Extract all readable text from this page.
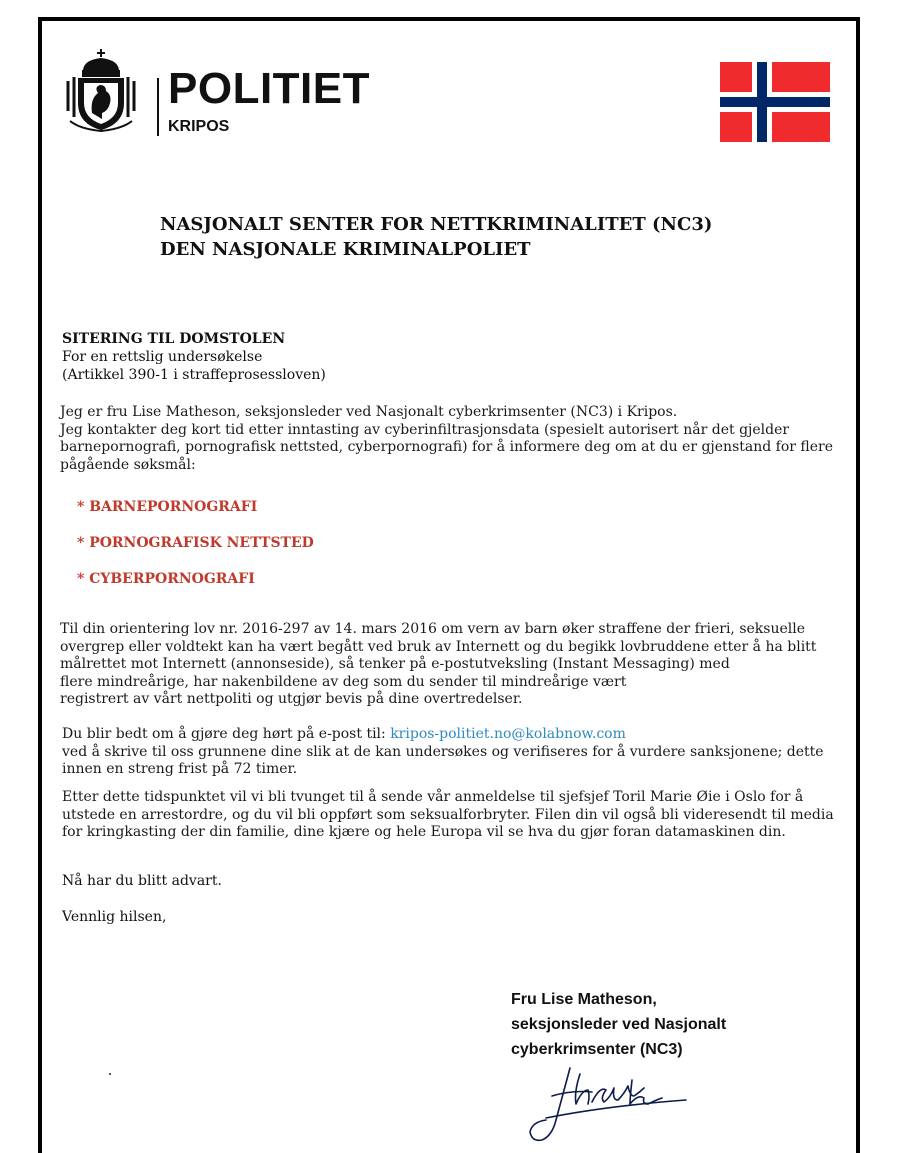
POLITIET
KRIPOS
NASJONALT SENTER FOR NETTKRIMINALITET (NC3)
DEN NASJONALE KRIMINALPOLIET
SITERING TIL DOMSTOLEN
For en rettslig undersøkelse
(Artikkel 390-1 i straffeprosessloven)
Jeg er fru Lise Matheson, seksjonsleder ved Nasjonalt cyberkrimsenter (NC3) i Kripos.
Jeg kontakter deg kort tid etter inntasting av cyberinfiltrasjonsdata (spesielt autorisert når det gjelder
barnepornografi, pornografisk nettsted, cyberpornografi) for å informere deg om at du er gjenstand for flere
pågående søksmål:
* BARNEPORNOGRAFI
* PORNOGRAFISK NETTSTED
* CYBERPORNOGRAFI
Til din orientering lov nr. 2016-297 av 14. mars 2016 om vern av barn øker straffene der frieri, seksuelle
overgrep eller voldtekt kan ha vært begått ved bruk av Internett og du begikk lovbruddene etter å ha blitt
målrettet mot Internett (annonseside), så tenker på e-postutveksling (Instant Messaging) med
flere mindreårige, har nakenbildene av deg som du sender til mindreårige vært
registrert av vårt nettpoliti og utgjør bevis på dine overtredelser.
Du blir bedt om å gjøre deg hørt på e-post til: kripos-politiet.no@kolabnow.com
ved å skrive til oss grunnene dine slik at de kan undersøkes og verifiseres for å vurdere sanksjonene; dette
innen en streng frist på 72 timer.
Etter dette tidspunktet vil vi bli tvunget til å sende vår anmeldelse til sjefsjef Toril Marie Øie i Oslo for å
utstede en arrestordre, og du vil bli oppført som seksualforbryter. Filen din vil også bli videresendt til media
for kringkasting der din familie, dine kjære og hele Europa vil se hva du gjør foran datamaskinen din.
Nå har du blitt advart.
Vennlig hilsen,
Fru Lise Matheson,
seksjonsleder ved Nasjonalt
cyberkrimsenter (NC3)
